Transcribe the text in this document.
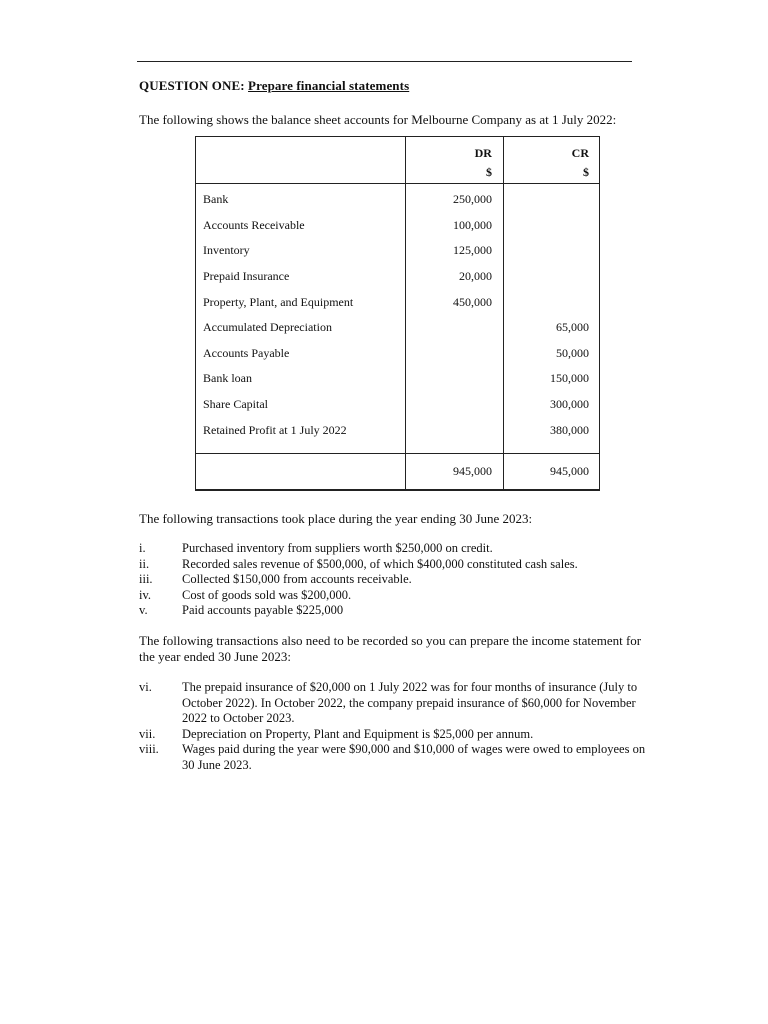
QUESTION ONE: Prepare financial statements
The following shows the balance sheet accounts for Melbourne Company as at 1 July 2022:
	DR	CR
	$	$
Bank	250,000	
Accounts Receivable	100,000	
Inventory	125,000	
Prepaid Insurance	20,000	
Property, Plant, and Equipment	450,000	
Accumulated Depreciation		65,000
Accounts Payable		50,000
Bank loan		150,000
Share Capital		300,000
Retained Profit at 1 July 2022		380,000

	945,000	945,000
The following transactions took place during the year ending 30 June 2023:
i.	Purchased inventory from suppliers worth $250,000 on credit.
ii.	Recorded sales revenue of $500,000, of which $400,000 constituted cash sales.
iii.	Collected $150,000 from accounts receivable.
iv.	Cost of goods sold was $200,000.
v.	Paid accounts payable $225,000
The following transactions also need to be recorded so you can prepare the income statement for the year ended 30 June 2023:
vi.	The prepaid insurance of $20,000 on 1 July 2022 was for four months of insurance (July to October 2022). In October 2022, the company prepaid insurance of $60,000 for November 2022 to October 2023.
vii.	Depreciation on Property, Plant and Equipment is $25,000 per annum.
viii.	Wages paid during the year were $90,000 and $10,000 of wages were owed to employees on 30 June 2023.
